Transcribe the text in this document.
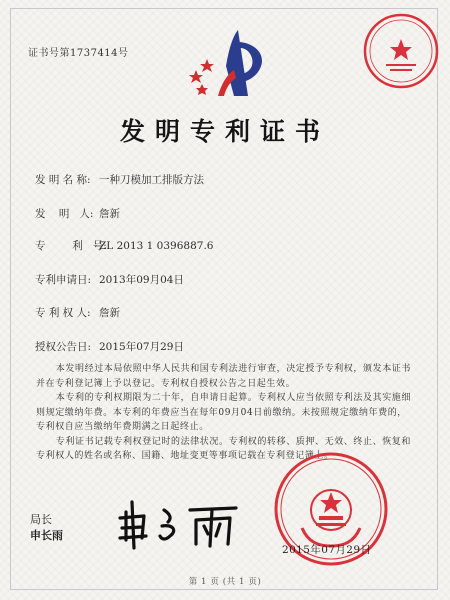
证书号第1737414号
发明专利证书
发 明 名 称: 一种刀模加工排版方法
发    明   人: 詹新
专        利   号:ZL 2013 1 0396887.6
专利申请日: 2013年09月04日
专 利 权 人: 詹新
授权公告日: 2015年07月29日

本发明经过本局依照中华人民共和国专利法进行审查，决定授予专利权，颁发本证书并在专利登记簿上予以登记。专利权自授权公告之日起生效。

本专利的专利权期限为二十年，自申请日起算。专利权人应当依照专利法及其实施细则规定缴纳年费。本专利的年费应当在每年09月04日前缴纳。未按照规定缴纳年费的，专利权自应当缴纳年费期满之日起终止。

专利证书记载专利权登记时的法律状况。专利权的转移、质押、无效、终止、恢复和专利权人的姓名或名称、国籍、地址变更等事项记载在专利登记簿上。

局长
申长雨
2015年07月29日
第 1 页 (共 1 页)
